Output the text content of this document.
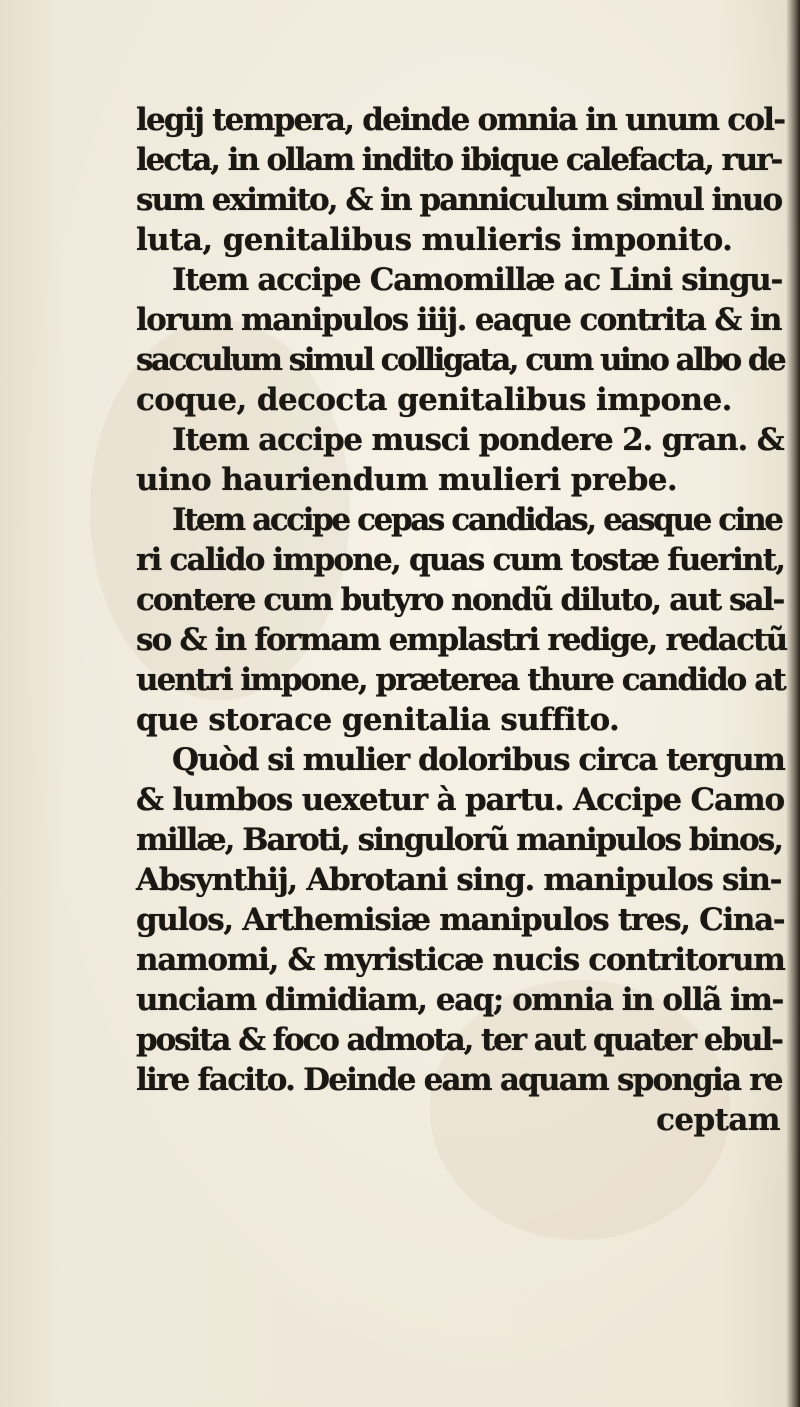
legij tempera, deinde omnia in unum col-
lecta, in ollam indito ibique calefacta, rur-
sum eximito, & in panniculum simul inuo
luta, genitalibus mulieris imponito.
Item accipe Camomillæ ac Lini singu-
lorum manipulos iiij. eaque contrita & in
sacculum simul colligata, cum uino albo de
coque, decocta genitalibus impone.
Item accipe musci pondere 2. gran. &
uino hauriendum mulieri prebe.
Item accipe cepas candidas, easque cine
ri calido impone, quas cum tostæ fuerint,
contere cum butyro nondũ diluto, aut sal-
so & in formam emplastri redige, redactũ
uentri impone, præterea thure candido at
que storace genitalia suffito.
Quòd si mulier doloribus circa tergum
& lumbos uexetur à partu. Accipe Camo
millæ, Baroti, singulorũ manipulos binos,
Absynthij, Abrotani sing. manipulos sin-
gulos, Arthemisiæ manipulos tres, Cina-
namomi, & myristicæ nucis contritorum
unciam dimidiam, eaq; omnia in ollã im-
posita & foco admota, ter aut quater ebul-
lire facito. Deinde eam aquam spongia re
ceptam
